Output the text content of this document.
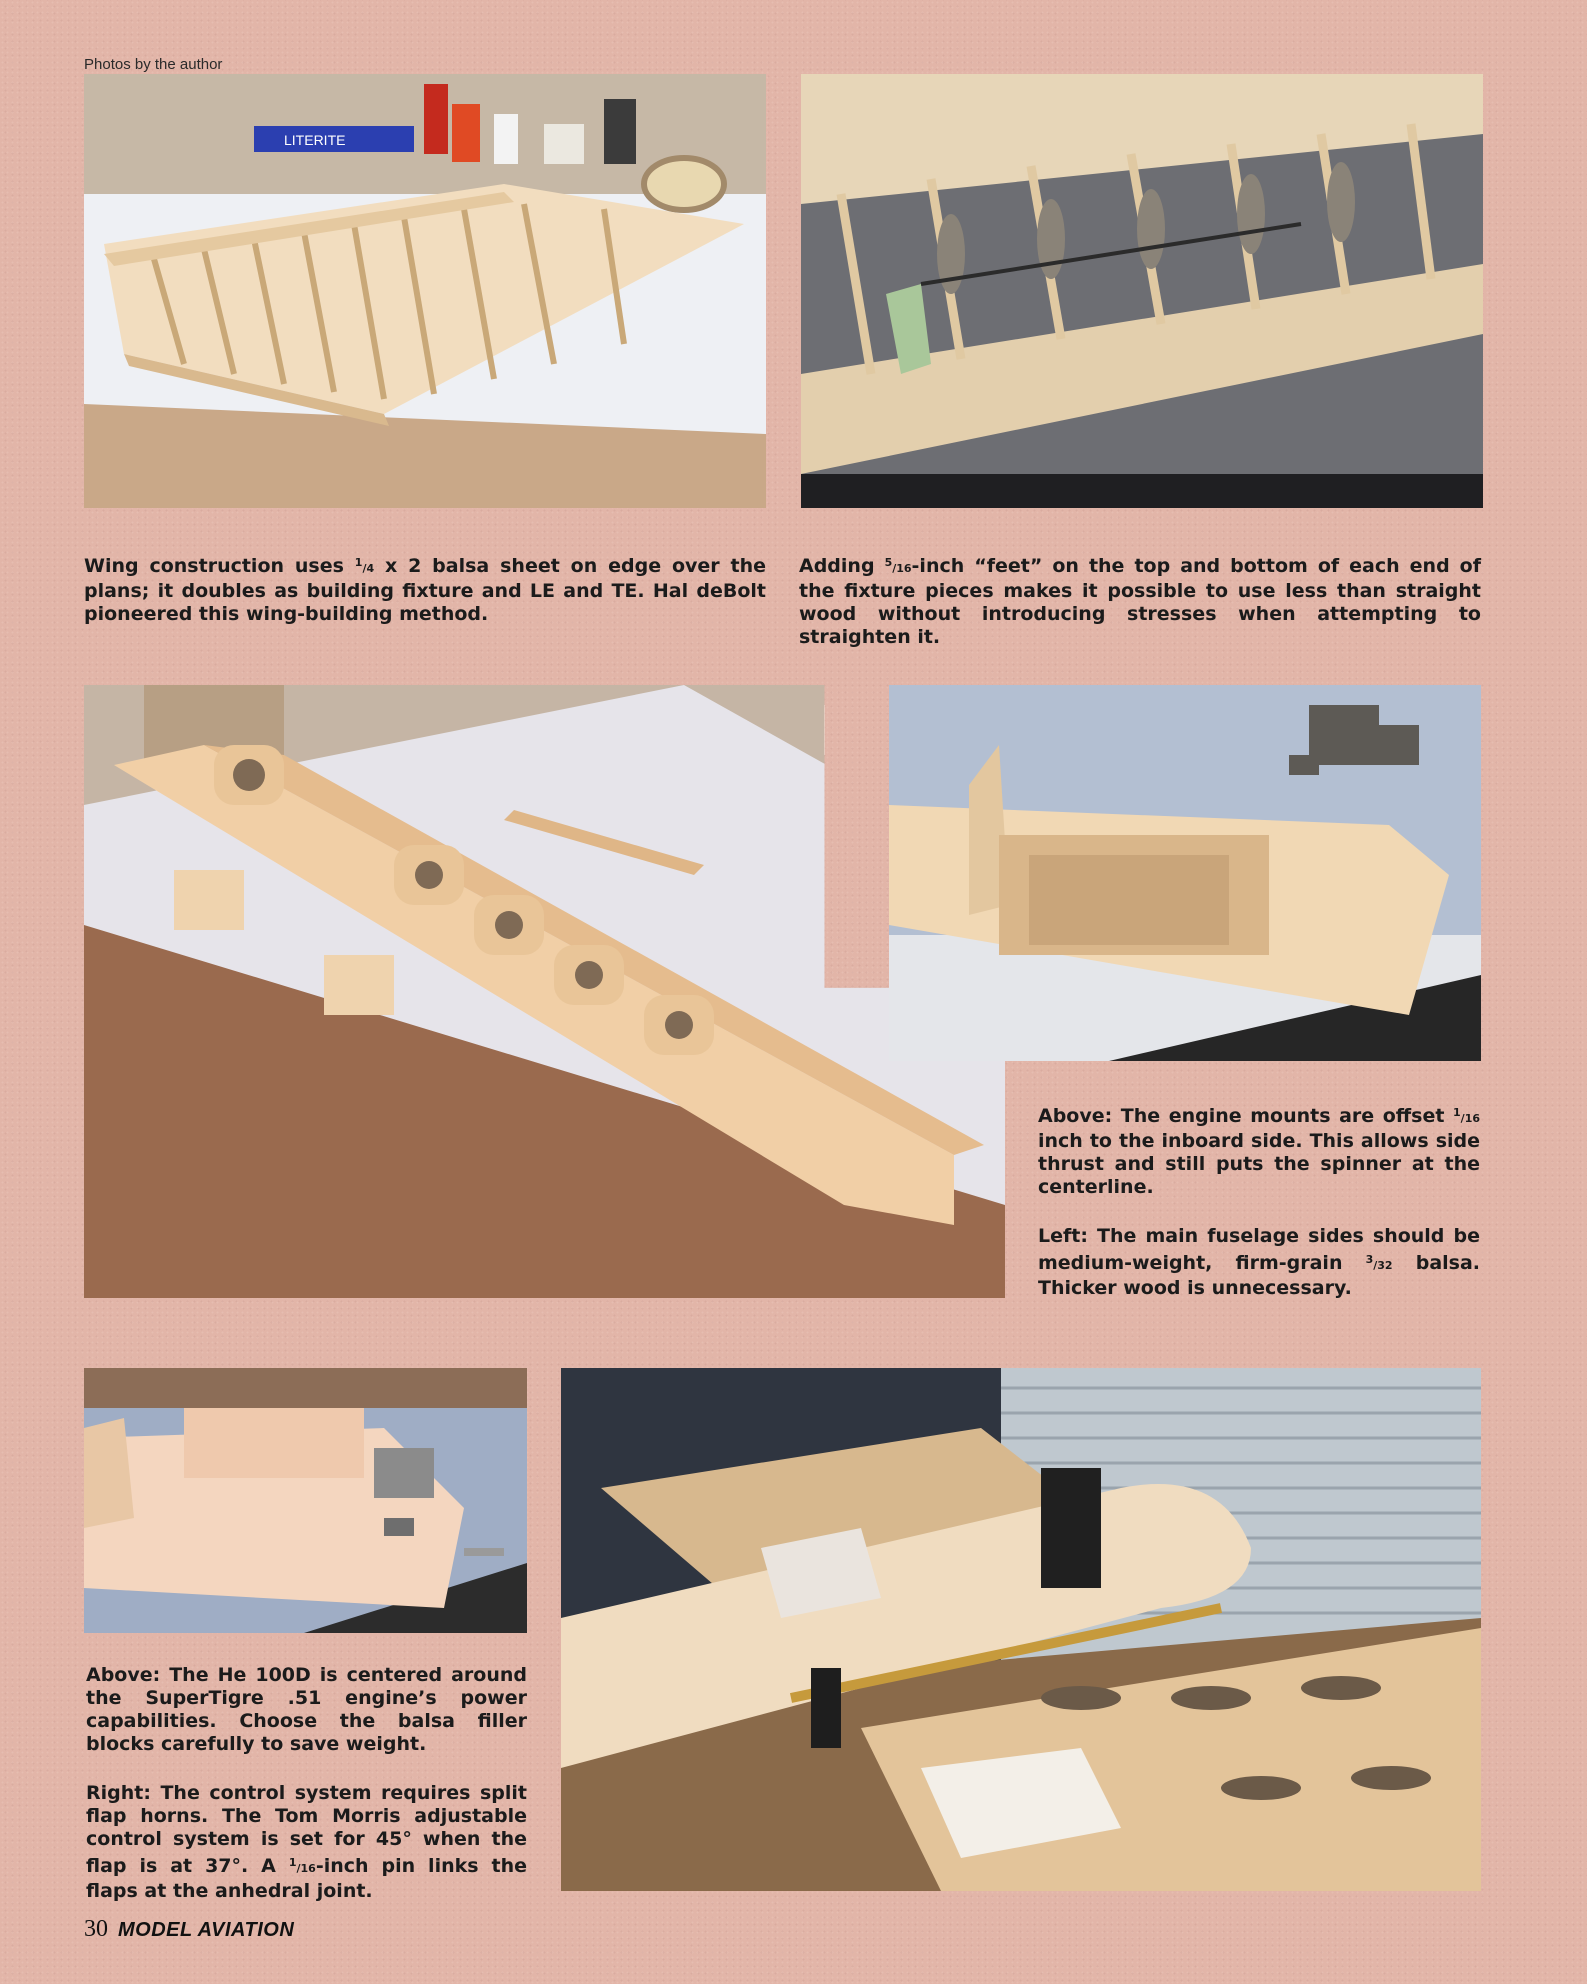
Photos by the author
LITERITE

Wing construction uses $^1$/4 x 2 balsa sheet on edge over the plans; it doubles as building fixture and LE and TE. Hal deBolt pioneered this wing-building method.

Adding $^5$/16-inch “feet” on the top and bottom of each end of the fixture pieces makes it possible to use less than straight wood without introducing stresses when attempting to straighten it.

Above: The engine mounts are offset $^1$/16 inch to the inboard side. This allows side thrust and still puts the spinner at the centerline.

Left: The main fuselage sides should be medium-weight, firm-grain $^3$/32 balsa. Thicker wood is unnecessary.

Above: The He 100D is centered around the SuperTigre .51 engine’s power capabilities. Choose the balsa filler blocks carefully to save weight.

Right: The control system requires split flap horns. The Tom Morris adjustable control system is set for 45° when the flap is at 37°. A $^1$/16-inch pin links the flaps at the anhedral joint.

30 MODEL AVIATION
